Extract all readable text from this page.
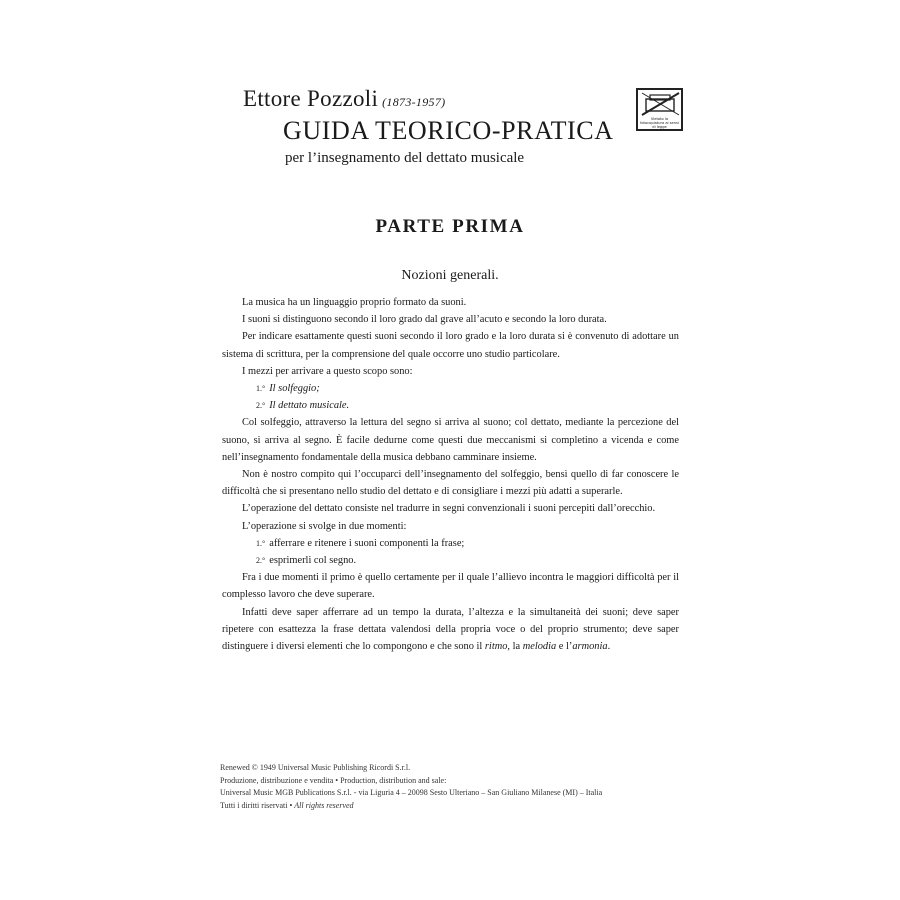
Ettore Pozzoli (1873-1957)
GUIDA TEORICO-PRATICA
per l’insegnamento del dettato musicale
Vietato la fotocopiatura ai sensi di legge
PARTE PRIMA
Nozioni generali.

La musica ha un linguaggio proprio formato da suoni.

I suoni si distinguono secondo il loro grado dal grave all’acuto e secondo la loro durata.

Per indicare esattamente questi suoni secondo il loro grado e la loro durata si è convenuto di adottare un sistema di scrittura, per la comprensione del quale occorre uno studio particolare.

I mezzi per arrivare a questo scopo sono:

1.° Il solfeggio;
2.° Il dettato musicale.

Col solfeggio, attraverso la lettura del segno si arriva al suono; col dettato, mediante la percezione del suono, si arriva al segno. È facile dedurne come questi due meccanismi si completino a vicenda e come nell’insegnamento fondamentale della musica debbano camminare insieme.

Non è nostro compito qui l’occuparci dell’insegnamento del solfeggio, bensì quello di far conoscere le difficoltà che si presentano nello studio del dettato e di consigliare i mezzi più adatti a superarle.

L’operazione del dettato consiste nel tradurre in segni convenzionali i suoni percepiti dall’orecchio.

L’operazione si svolge in due momenti:

1.° afferrare e ritenere i suoni componenti la frase;
2.° esprimerli col segno.

Fra i due momenti il primo è quello certamente per il quale l’allievo incontra le maggiori difficoltà per il complesso lavoro che deve superare.

Infatti deve saper afferrare ad un tempo la durata, l’altezza e la simultaneità dei suoni; deve saper ripetere con esattezza la frase dettata valendosi della propria voce o del proprio strumento; deve saper distinguere i diversi elementi che lo compongono e che sono il ritmo, la melodia e l’armonia.

Renewed © 1949 Universal Music Publishing Ricordi S.r.l.
Produzione, distribuzione e vendita • Production, distribution and sale:
Universal Music MGB Publications S.r.l. - via Liguria 4 – 20098 Sesto Ulteriano – San Giuliano Milanese (MI) – Italia
Tutti i diritti riservati • All rights reserved
